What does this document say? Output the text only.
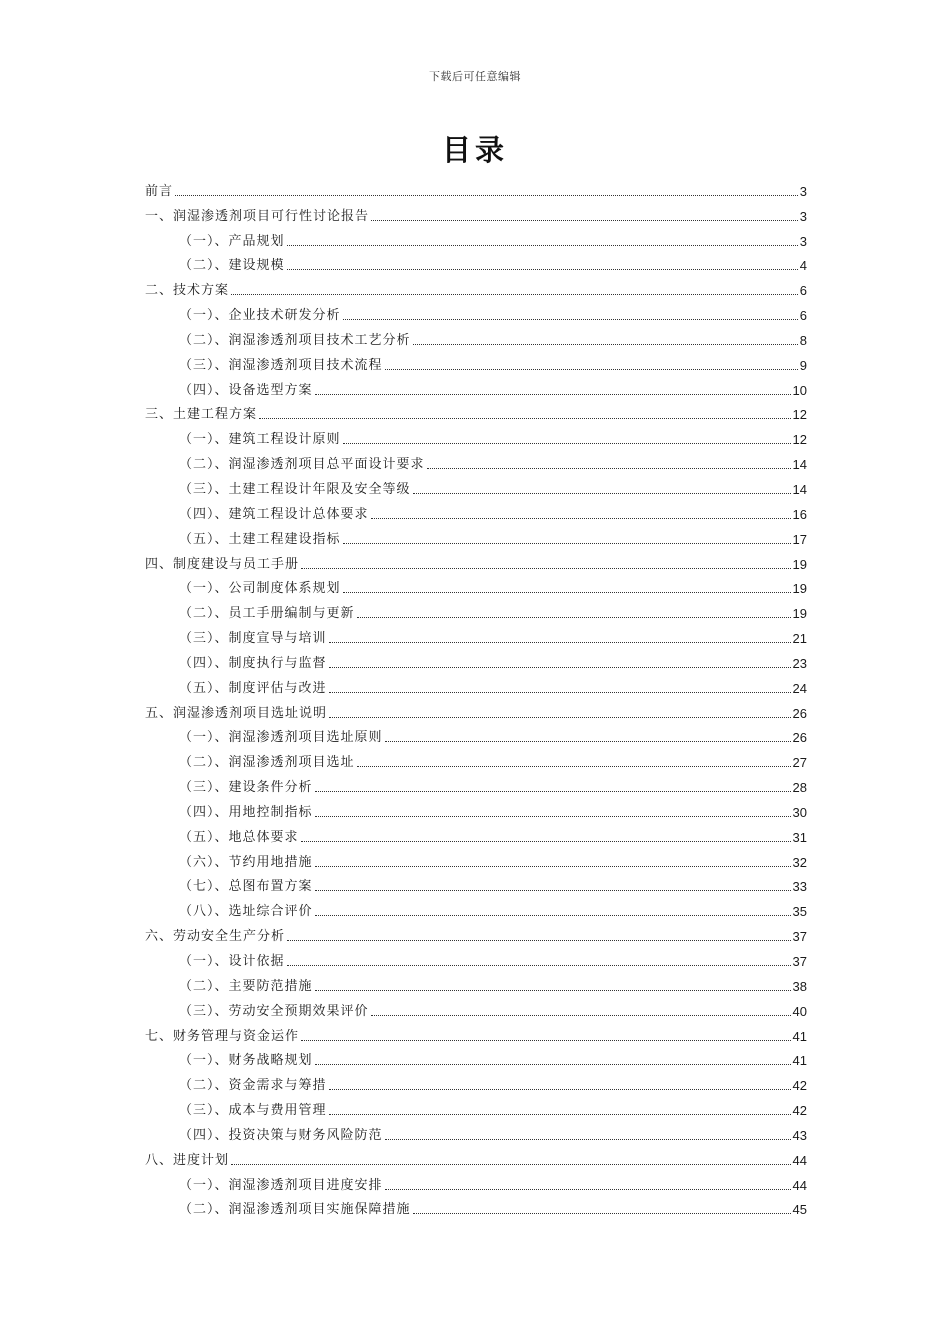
下载后可任意编辑
目录
前言	3
一、润湿渗透剂项目可行性讨论报告	3
（一）、产品规划	3
（二）、建设规模	4
二、技术方案	6
（一）、企业技术研发分析	6
（二）、润湿渗透剂项目技术工艺分析	8
（三）、润湿渗透剂项目技术流程	9
（四）、设备选型方案	10
三、土建工程方案	12
（一）、建筑工程设计原则	12
（二）、润湿渗透剂项目总平面设计要求	14
（三）、土建工程设计年限及安全等级	14
（四）、建筑工程设计总体要求	16
（五）、土建工程建设指标	17
四、制度建设与员工手册	19
（一）、公司制度体系规划	19
（二）、员工手册编制与更新	19
（三）、制度宣导与培训	21
（四）、制度执行与监督	23
（五）、制度评估与改进	24
五、润湿渗透剂项目选址说明	26
（一）、润湿渗透剂项目选址原则	26
（二）、润湿渗透剂项目选址	27
（三）、建设条件分析	28
（四）、用地控制指标	30
（五）、地总体要求	31
（六）、节约用地措施	32
（七）、总图布置方案	33
（八）、选址综合评价	35
六、劳动安全生产分析	37
（一）、设计依据	37
（二）、主要防范措施	38
（三）、劳动安全预期效果评价	40
七、财务管理与资金运作	41
（一）、财务战略规划	41
（二）、资金需求与筹措	42
（三）、成本与费用管理	42
（四）、投资决策与财务风险防范	43
八、进度计划	44
（一）、润湿渗透剂项目进度安排	44
（二）、润湿渗透剂项目实施保障措施	45
